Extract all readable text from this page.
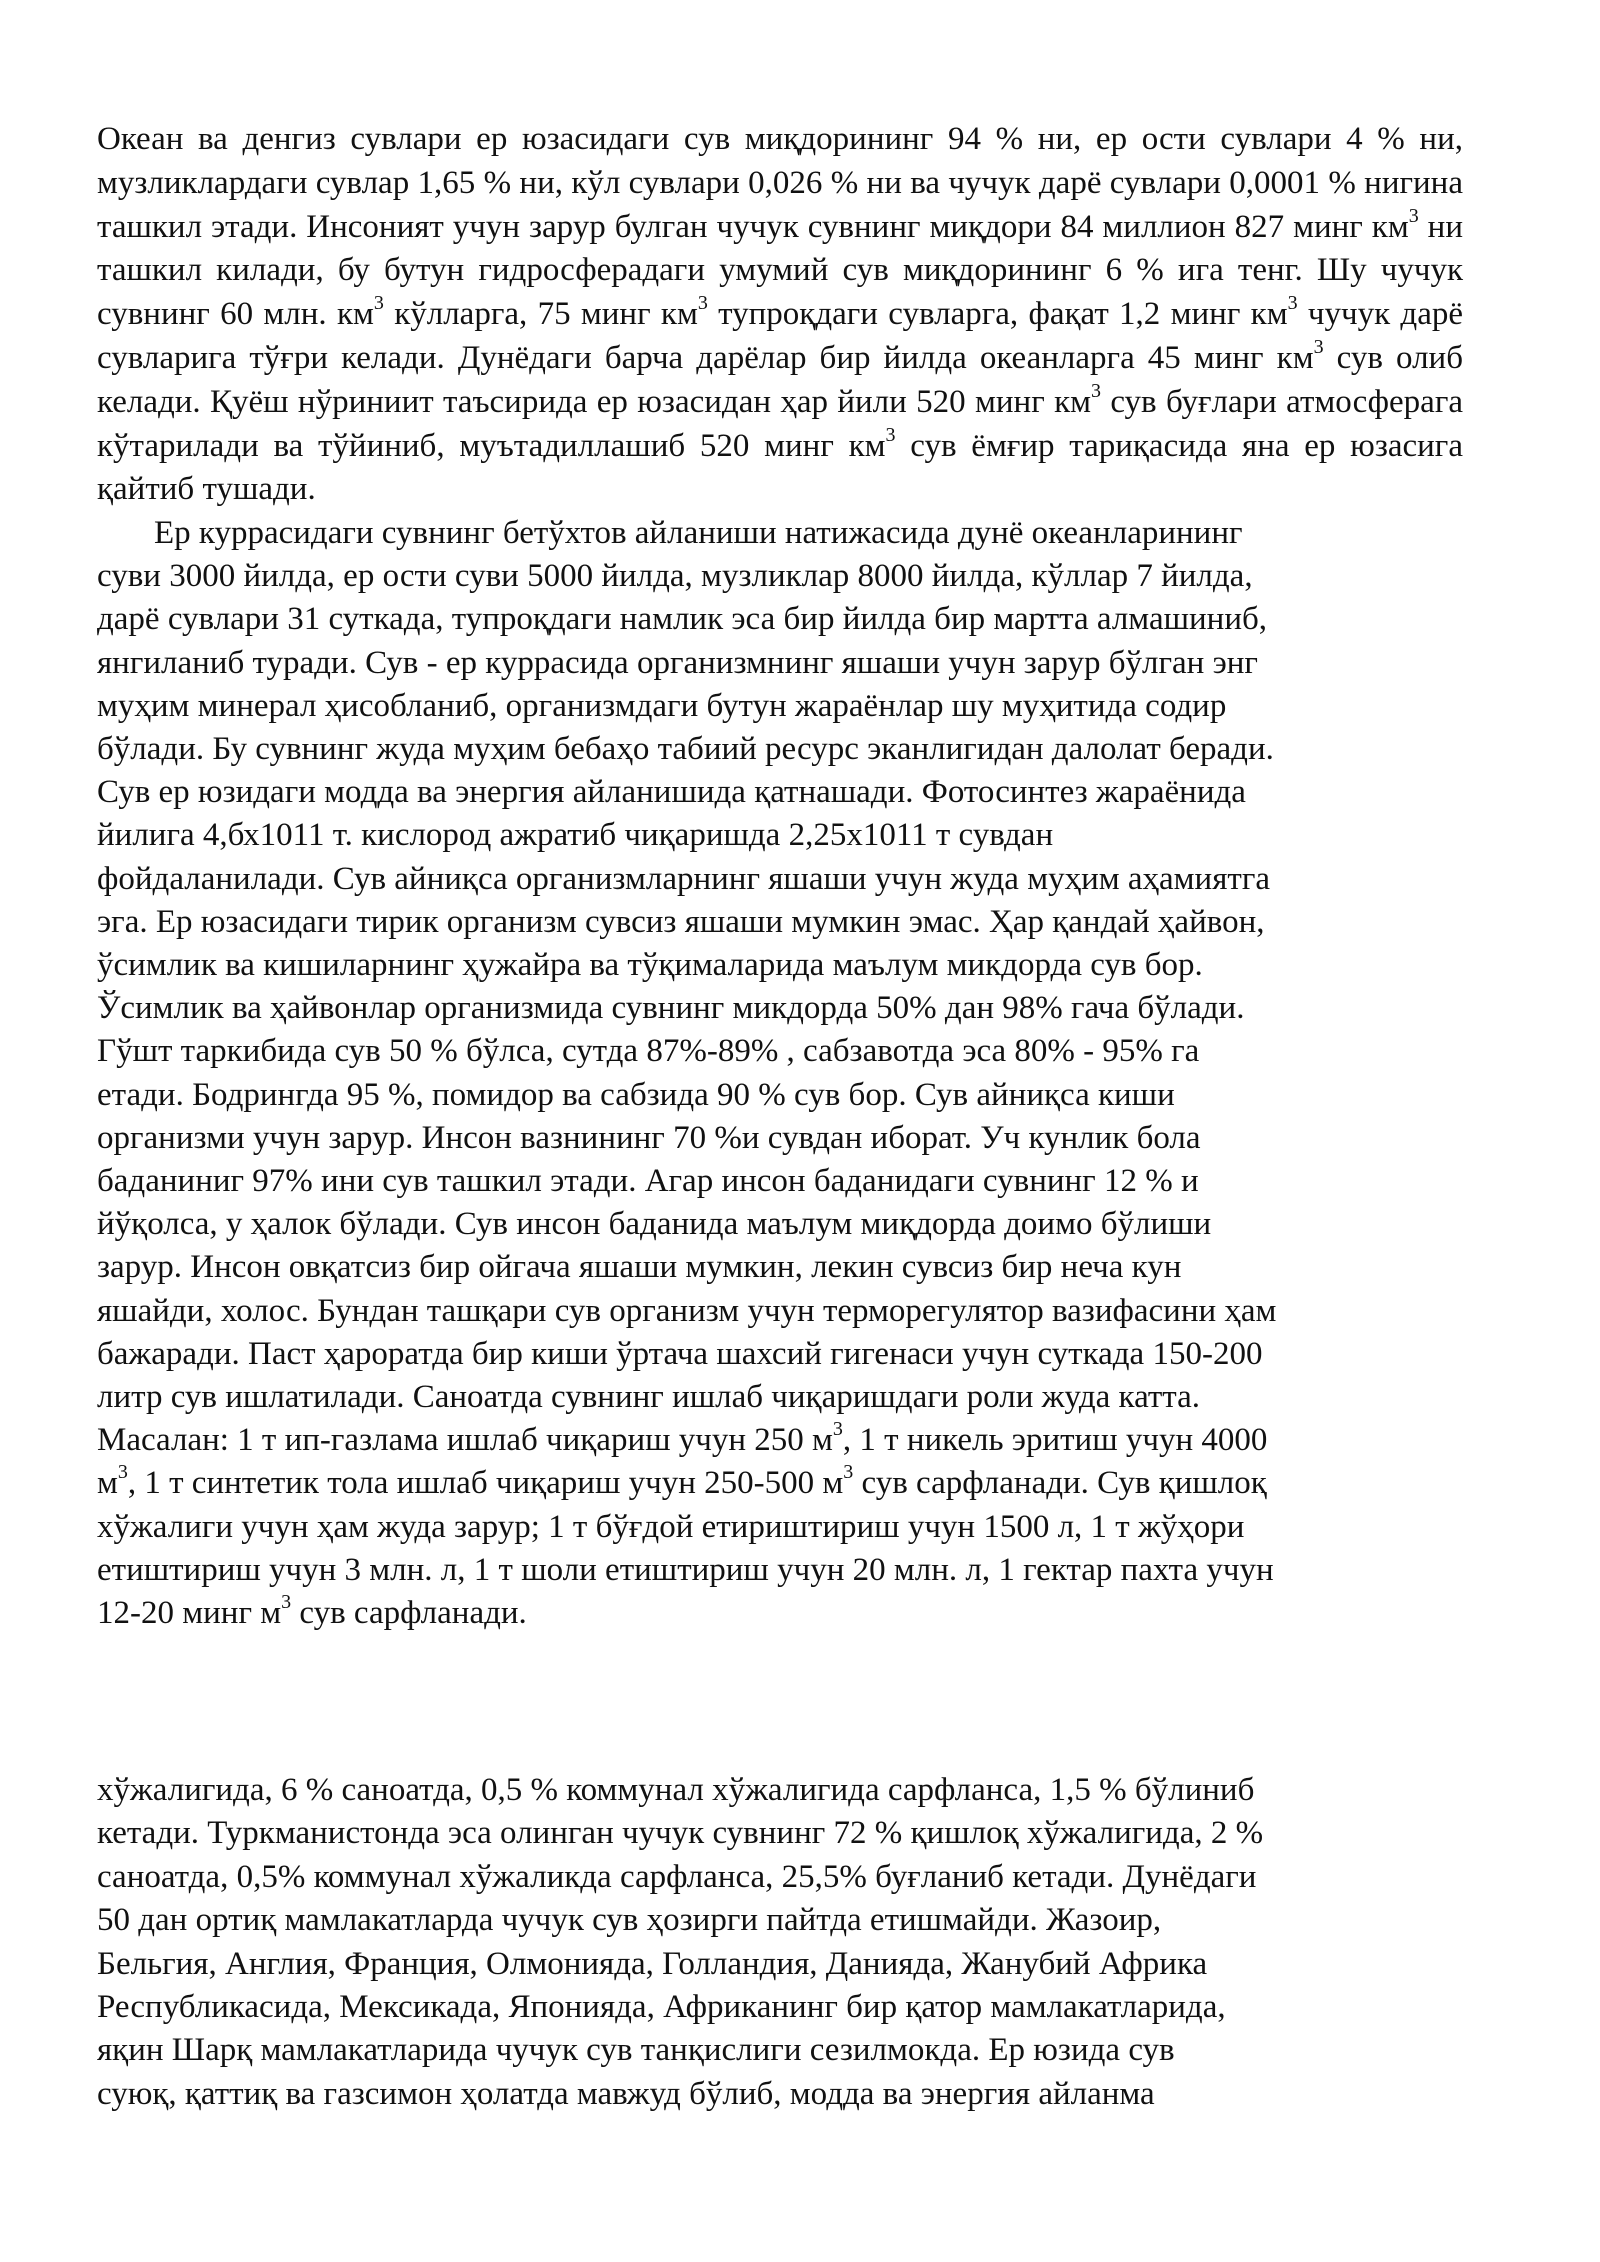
Океан ва денгиз сувлари ер юзасидаги сув миқдорининг 94 % ни, ер ости сувлари 4 % ни, музликлардаги сувлар 1,65 % ни, кўл сувлари 0,026 % ни ва чучук дарё сувлари 0,0001 % нигина ташкил этади. Инсоният учун зарур булган чучук сувнинг миқдори 84 миллион 827 минг $км^3$ ни ташкил килади, бу бутун гидросферадаги умумий сув миқдорининг 6 % ига тенг. Шу чучук сувнинг 60 млн. $км^3$ кўлларга, 75 минг $км^3$ тупроқдаги сувларга, фақат 1,2 минг $км^3$ чучук дарё сувларига тўғри келади. Дунёдаги барча дарёлар бир йилда океанларга 45 минг $км^3$ сув олиб келади. Қуёш нўриниит таъсирида ер юзасидан ҳар йили 520 минг $км^3$ сув буғлари атмосферага кўтарилади ва тўйиниб, муътадиллашиб 520 минг $км^3$ сув ёмғир тариқасида яна ер юзасига қайтиб тушади.

Ер куррасидаги сувнинг бетўхтов айланиши натижасида дунё океанларининг
суви 3000 йилда, ер ости суви 5000 йилда, музликлар 8000 йилда, кўллар 7 йилда,
дарё сувлари 31 суткада, тупроқдаги намлик эса бир йилда бир мартта алмашиниб,
янгиланиб туради. Сув - ер куррасида организмнинг яшаши учун зарур бўлган энг
муҳим минерал ҳисобланиб, организмдаги бутун жараёнлар шу муҳитида содир
бўлади. Бу сувнинг жуда муҳим бебаҳо табиий ресурс эканлигидан далолат беради.
Сув ер юзидаги модда ва энергия айланишида қатнашади. Фотосинтез жараёнида
йилига 4,бх1011 т. кислород ажратиб чиқаришда 2,25х1011 т сувдан
фойдаланилади. Сув айниқса организмларнинг яшаши учун жуда муҳим аҳамиятга
эга. Ер юзасидаги тирик организм сувсиз яшаши мумкин эмас. Ҳар қандай ҳайвон,
ўсимлик ва кишиларнинг ҳужайра ва тўқималарида маълум микдорда сув бор.
Ўсимлик ва ҳайвонлар организмида сувнинг микдорда 50% дан 98% гача бўлади.
Гўшт таркибида сув 50 % бўлса, сутда 87%-89% , сабзавотда эса 80% - 95% га
етади. Бодрингда 95 %, помидор ва сабзида 90 % сув бор. Сув айниқса киши
организми учун зарур. Инсон вазнининг 70 %и сувдан иборат. Уч кунлик бола
баданиниг 97% ини сув ташкил этади. Агар инсон баданидаги сувнинг 12 % и
йўқолса, у ҳалок бўлади. Сув инсон баданида маълум миқдорда доимо бўлиши
зарур. Инсон овқатсиз бир ойгача яшаши мумкин, лекин сувсиз бир неча кун
яшайди, холос. Бундан ташқари сув организм учун терморегулятор вазифасини ҳам
бажаради. Паст ҳароратда бир киши ўртача шахсий гигенаси учун суткада 150-200
литр сув ишлатилади. Саноатда сувнинг ишлаб чиқаришдаги роли жуда катта.
Масалан: 1 т ип-газлама ишлаб чиқариш учун 250 $м^3$, 1 т никель эритиш учун 4000
$м^3$, 1 т синтетик тола ишлаб чиқариш учун 250-500 $м^3$ сув сарфланади. Сув қишлоқ
хўжалиги учун ҳам жуда зарур; 1 т бўғдой етириштириш учун 1500 л, 1 т жўҳори
етиштириш учун 3 млн. л, 1 т шоли етиштириш учун 20 млн. л, 1 гектар пахта учун
12-20 минг $м^3$ сув сарфланади.

хўжалигида, 6 % саноатда, 0,5 % коммунал хўжалигида сарфланса, 1,5 % бўлиниб
кетади. Туркманистонда эса олинган чучук сувнинг 72 % қишлоқ хўжалигида, 2 %
саноатда, 0,5% коммунал хўжаликда сарфланса, 25,5% буғланиб кетади. Дунёдаги
50 дан ортиқ мамлакатларда чучук сув ҳозирги пайтда етишмайди. Жазоир,
Бельгия, Англия, Франция, Олмонияда, Голландия, Данияда, Жанубий Африка
Республикасида, Мексикада, Японияда, Африканинг бир қатор мамлакатларида,
яқин Шарқ мамлакатларида чучук сув танқислиги сезилмокда. Ер юзида сув
суюқ, қаттиқ ва газсимон ҳолатда мавжуд бўлиб, модда ва энергия айланма
